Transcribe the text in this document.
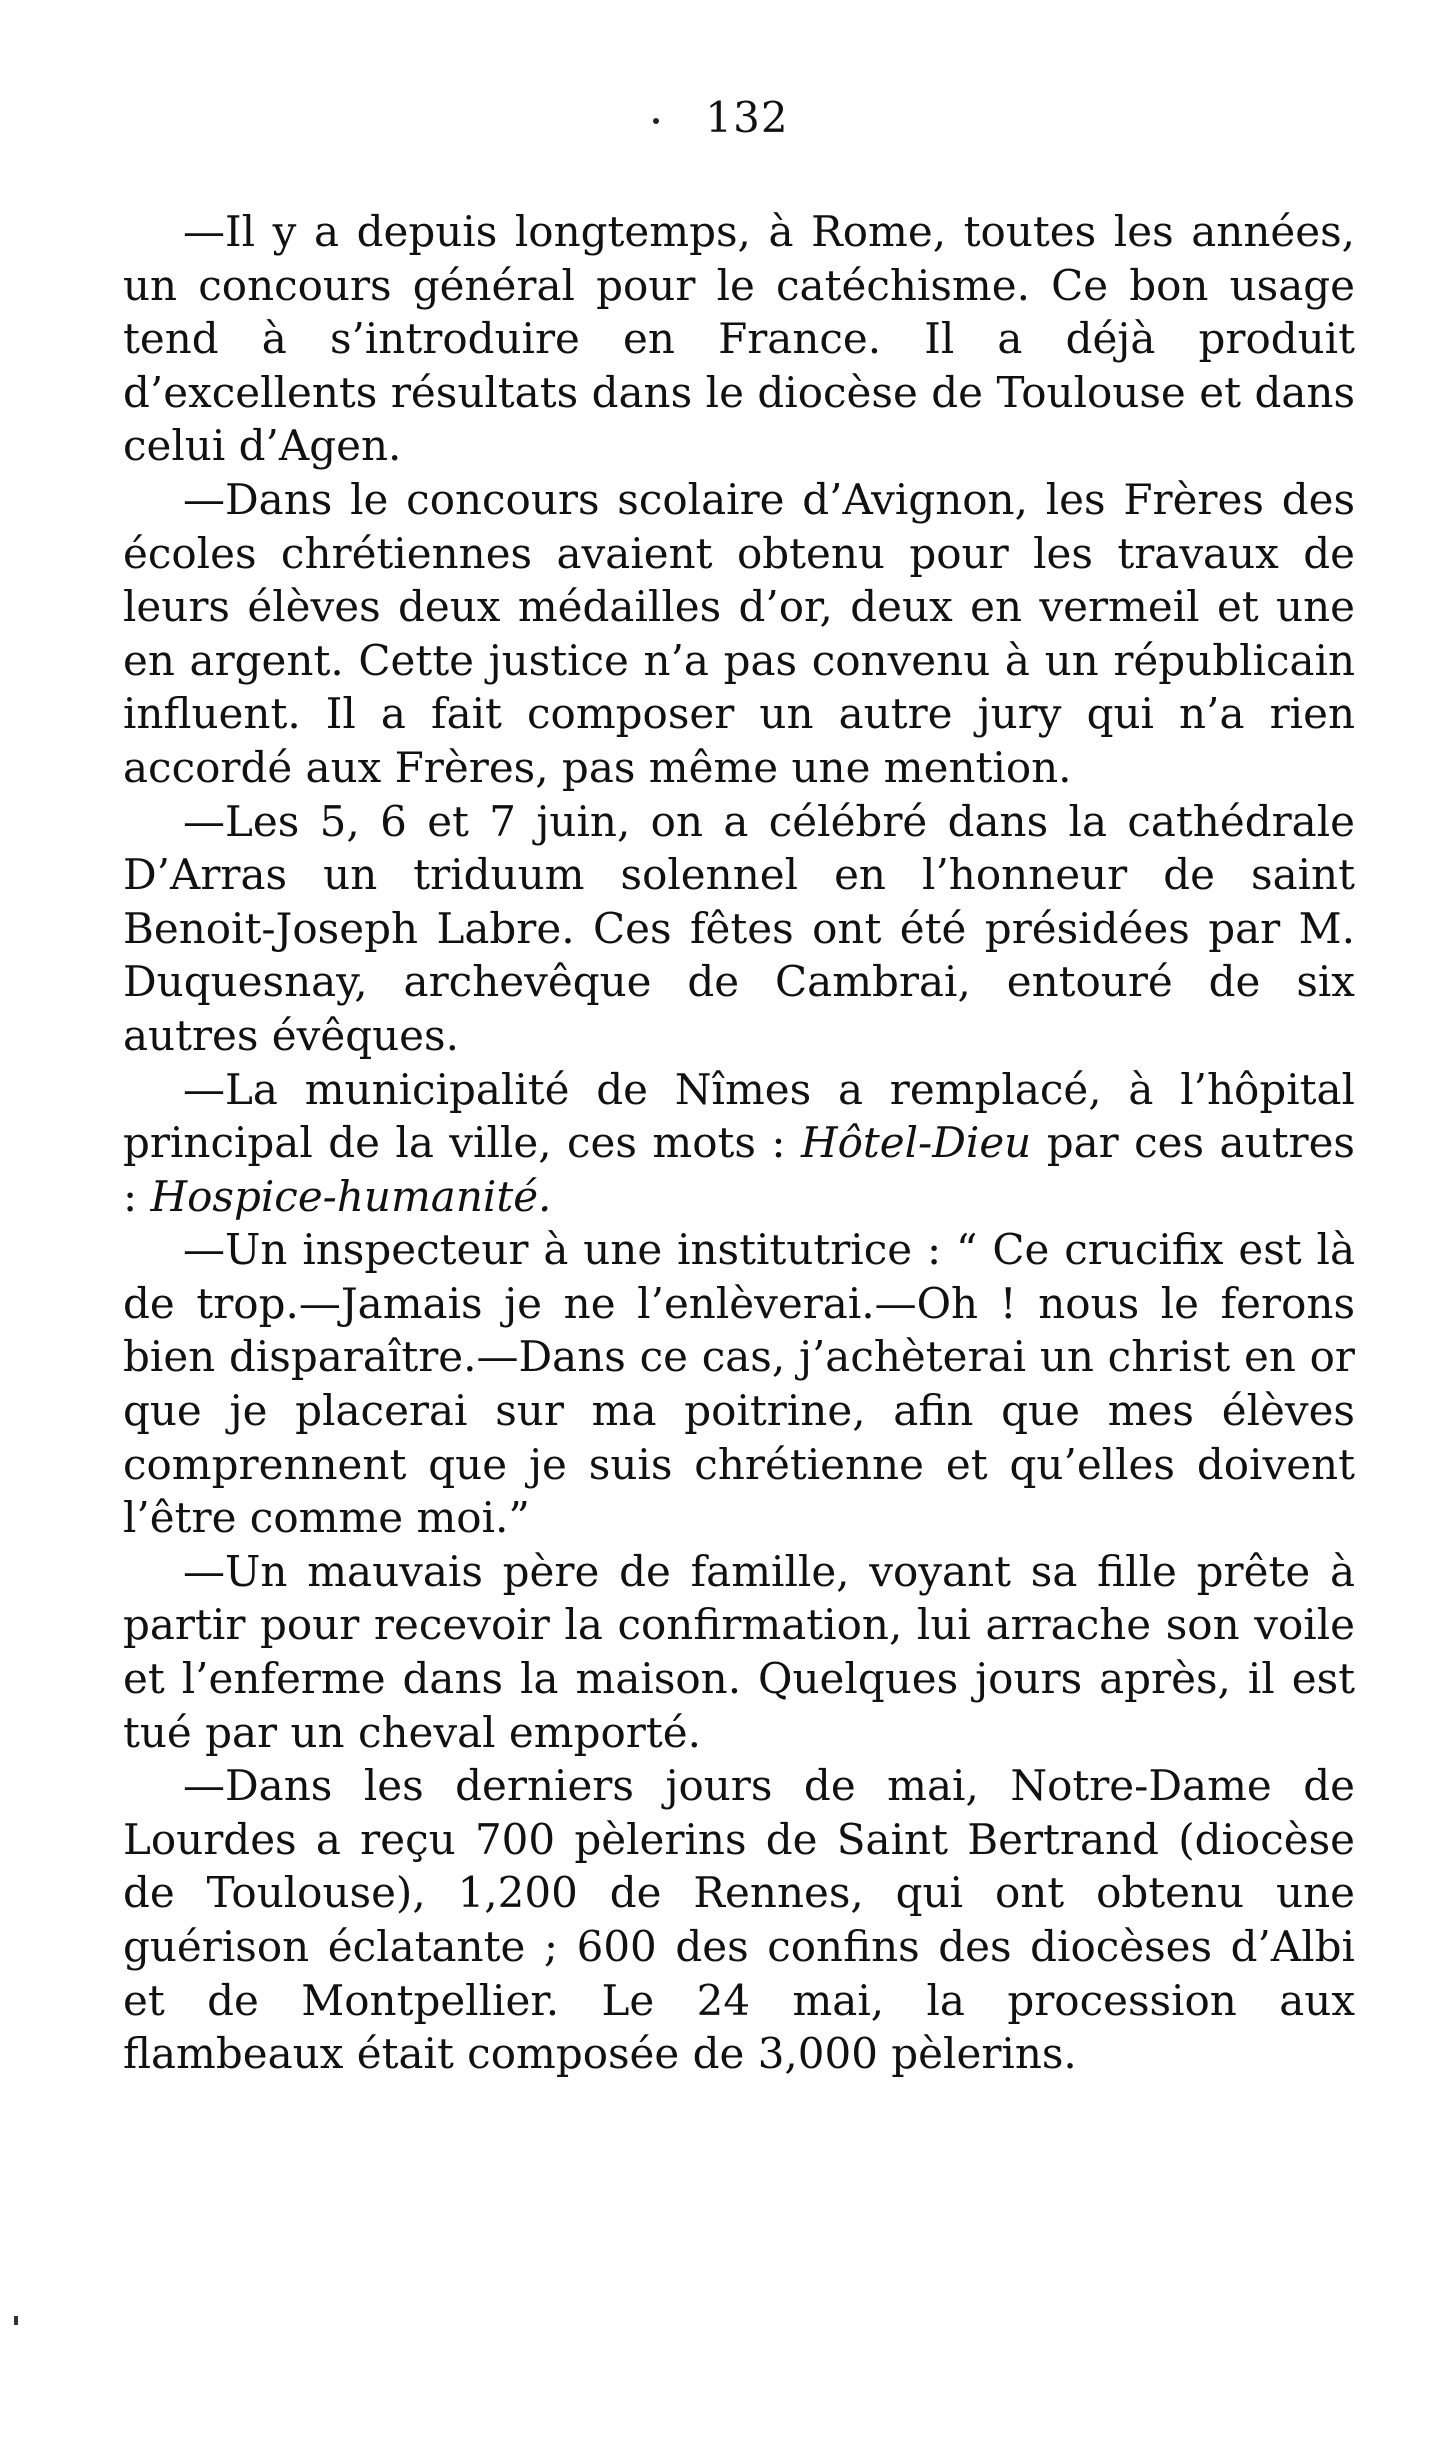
132

—Il y a depuis longtemps, à Rome, toutes les années, un concours général pour le catéchisme. Ce bon usage tend à s’introduire en France. Il a déjà produit d’excellents résultats dans le diocèse de Toulouse et dans celui d’Agen.

—Dans le concours scolaire d’Avignon, les Frères des écoles chrétiennes avaient obtenu pour les travaux de leurs élèves deux médailles d’or, deux en vermeil et une en argent. Cette justice n’a pas convenu à un républicain influent. Il a fait composer un autre jury qui n’a rien accordé aux Frères, pas même une mention.

—Les 5, 6 et 7 juin, on a célébré dans la cathédrale D’Arras un triduum solennel en l’honneur de saint Benoit-Joseph Labre. Ces fêtes ont été présidées par M. Duquesnay, archevêque de Cambrai, entouré de six autres évêques.

—La municipalité de Nîmes a remplacé, à l’hôpital principal de la ville, ces mots : Hôtel-Dieu par ces autres : Hospice-humanité.

—Un inspecteur à une institutrice : “ Ce crucifix est là de trop.—Jamais je ne l’enlèverai.—Oh ! nous le ferons bien disparaître.—Dans ce cas, j’achèterai un christ en or que je placerai sur ma poitrine, afin que mes élèves comprennent que je suis chrétienne et qu’elles doivent l’être comme moi.”

—Un mauvais père de famille, voyant sa fille prête à partir pour recevoir la confirmation, lui arrache son voile et l’enferme dans la maison. Quelques jours après, il est tué par un cheval emporté.

—Dans les derniers jours de mai, Notre-Dame de Lourdes a reçu 700 pèlerins de Saint Bertrand (diocèse de Toulouse), 1,200 de Rennes, qui ont obtenu une guérison éclatante ; 600 des confins des diocèses d’Albi et de Montpellier. Le 24 mai, la procession aux flambeaux était composée de 3,000 pèlerins.
